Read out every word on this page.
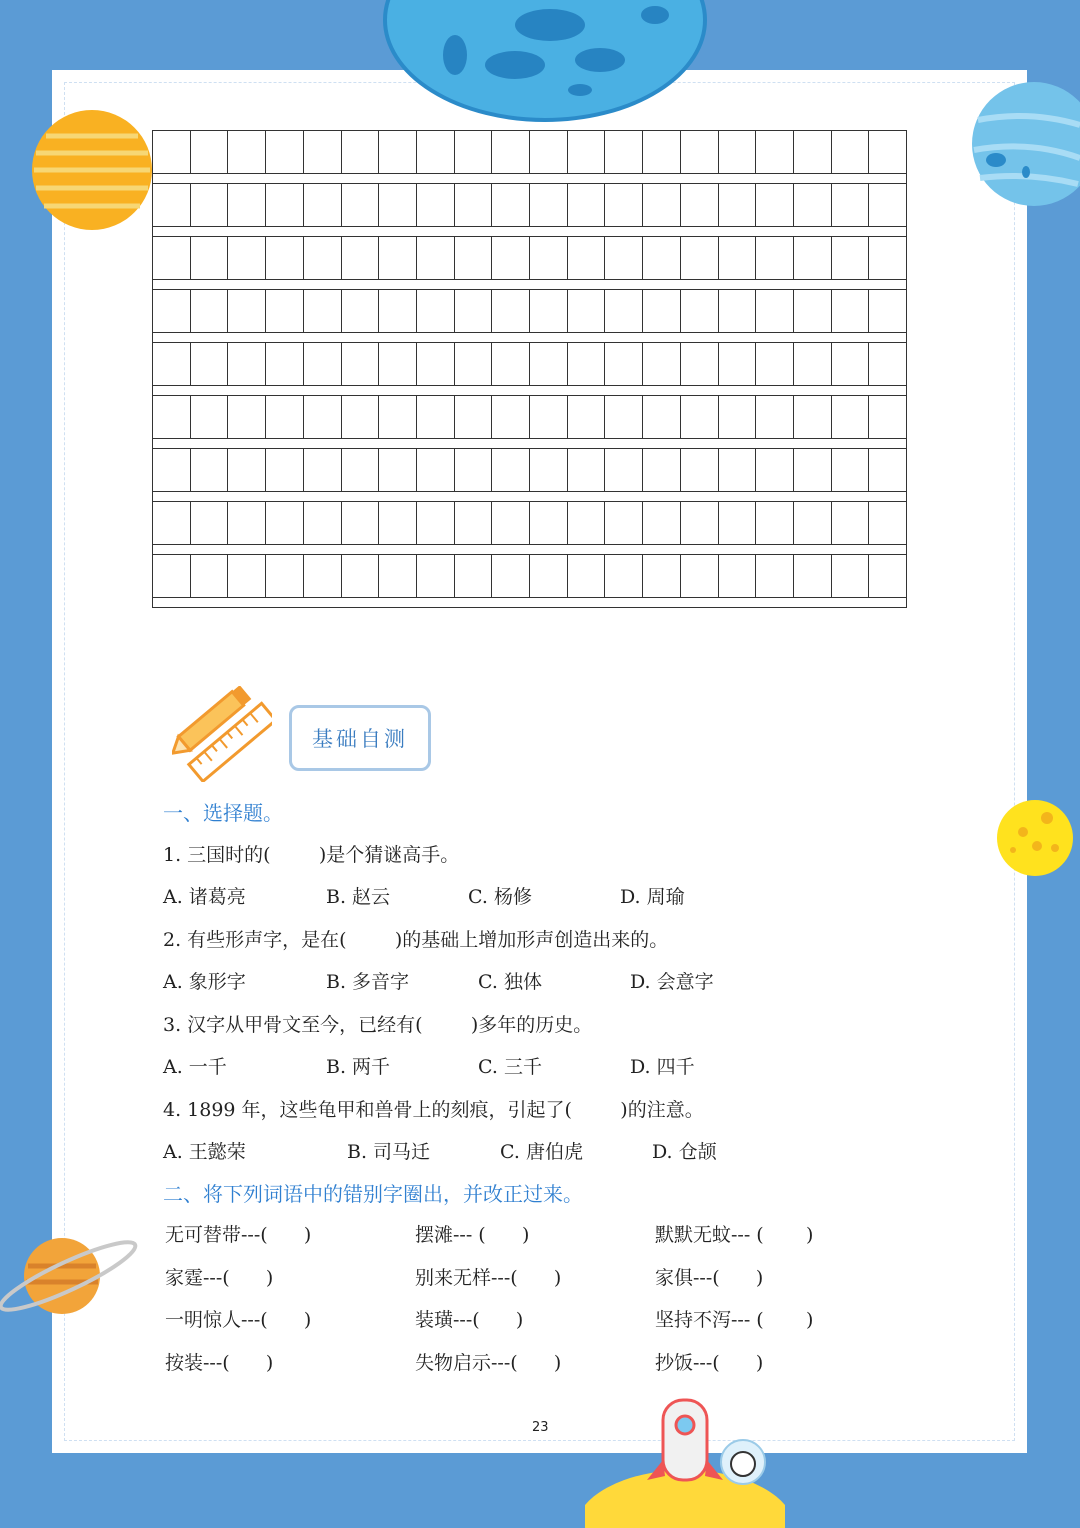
基础自测
一、选择题。
1. 三国时的(        )是个猜谜高手。
A. 诸葛亮	B. 赵云	C. 杨修	D. 周瑜
2. 有些形声字，是在(        )的基础上增加形声创造出来的。
A. 象形字	B. 多音字	C. 独体	D. 会意字
3. 汉字从甲骨文至今，已经有(        )多年的历史。
A. 一千	B. 两千	C. 三千	D. 四千
4. 1899 年，这些龟甲和兽骨上的刻痕，引起了(        )的注意。
A. 王懿荣	B. 司马迁	C. 唐伯虎	D. 仓颉
二、将下列词语中的错别字圈出，并改正过来。
无可替带---(      )	摆滩--- (      )	默默无蚊--- (       )
家霆---(      )	别来无样---(      )	家俱---(      )
一明惊人---(      )	装璜---(      )	坚持不泻--- (       )
按装---(      )	失物启示---(      )	抄饭---(      )
23
